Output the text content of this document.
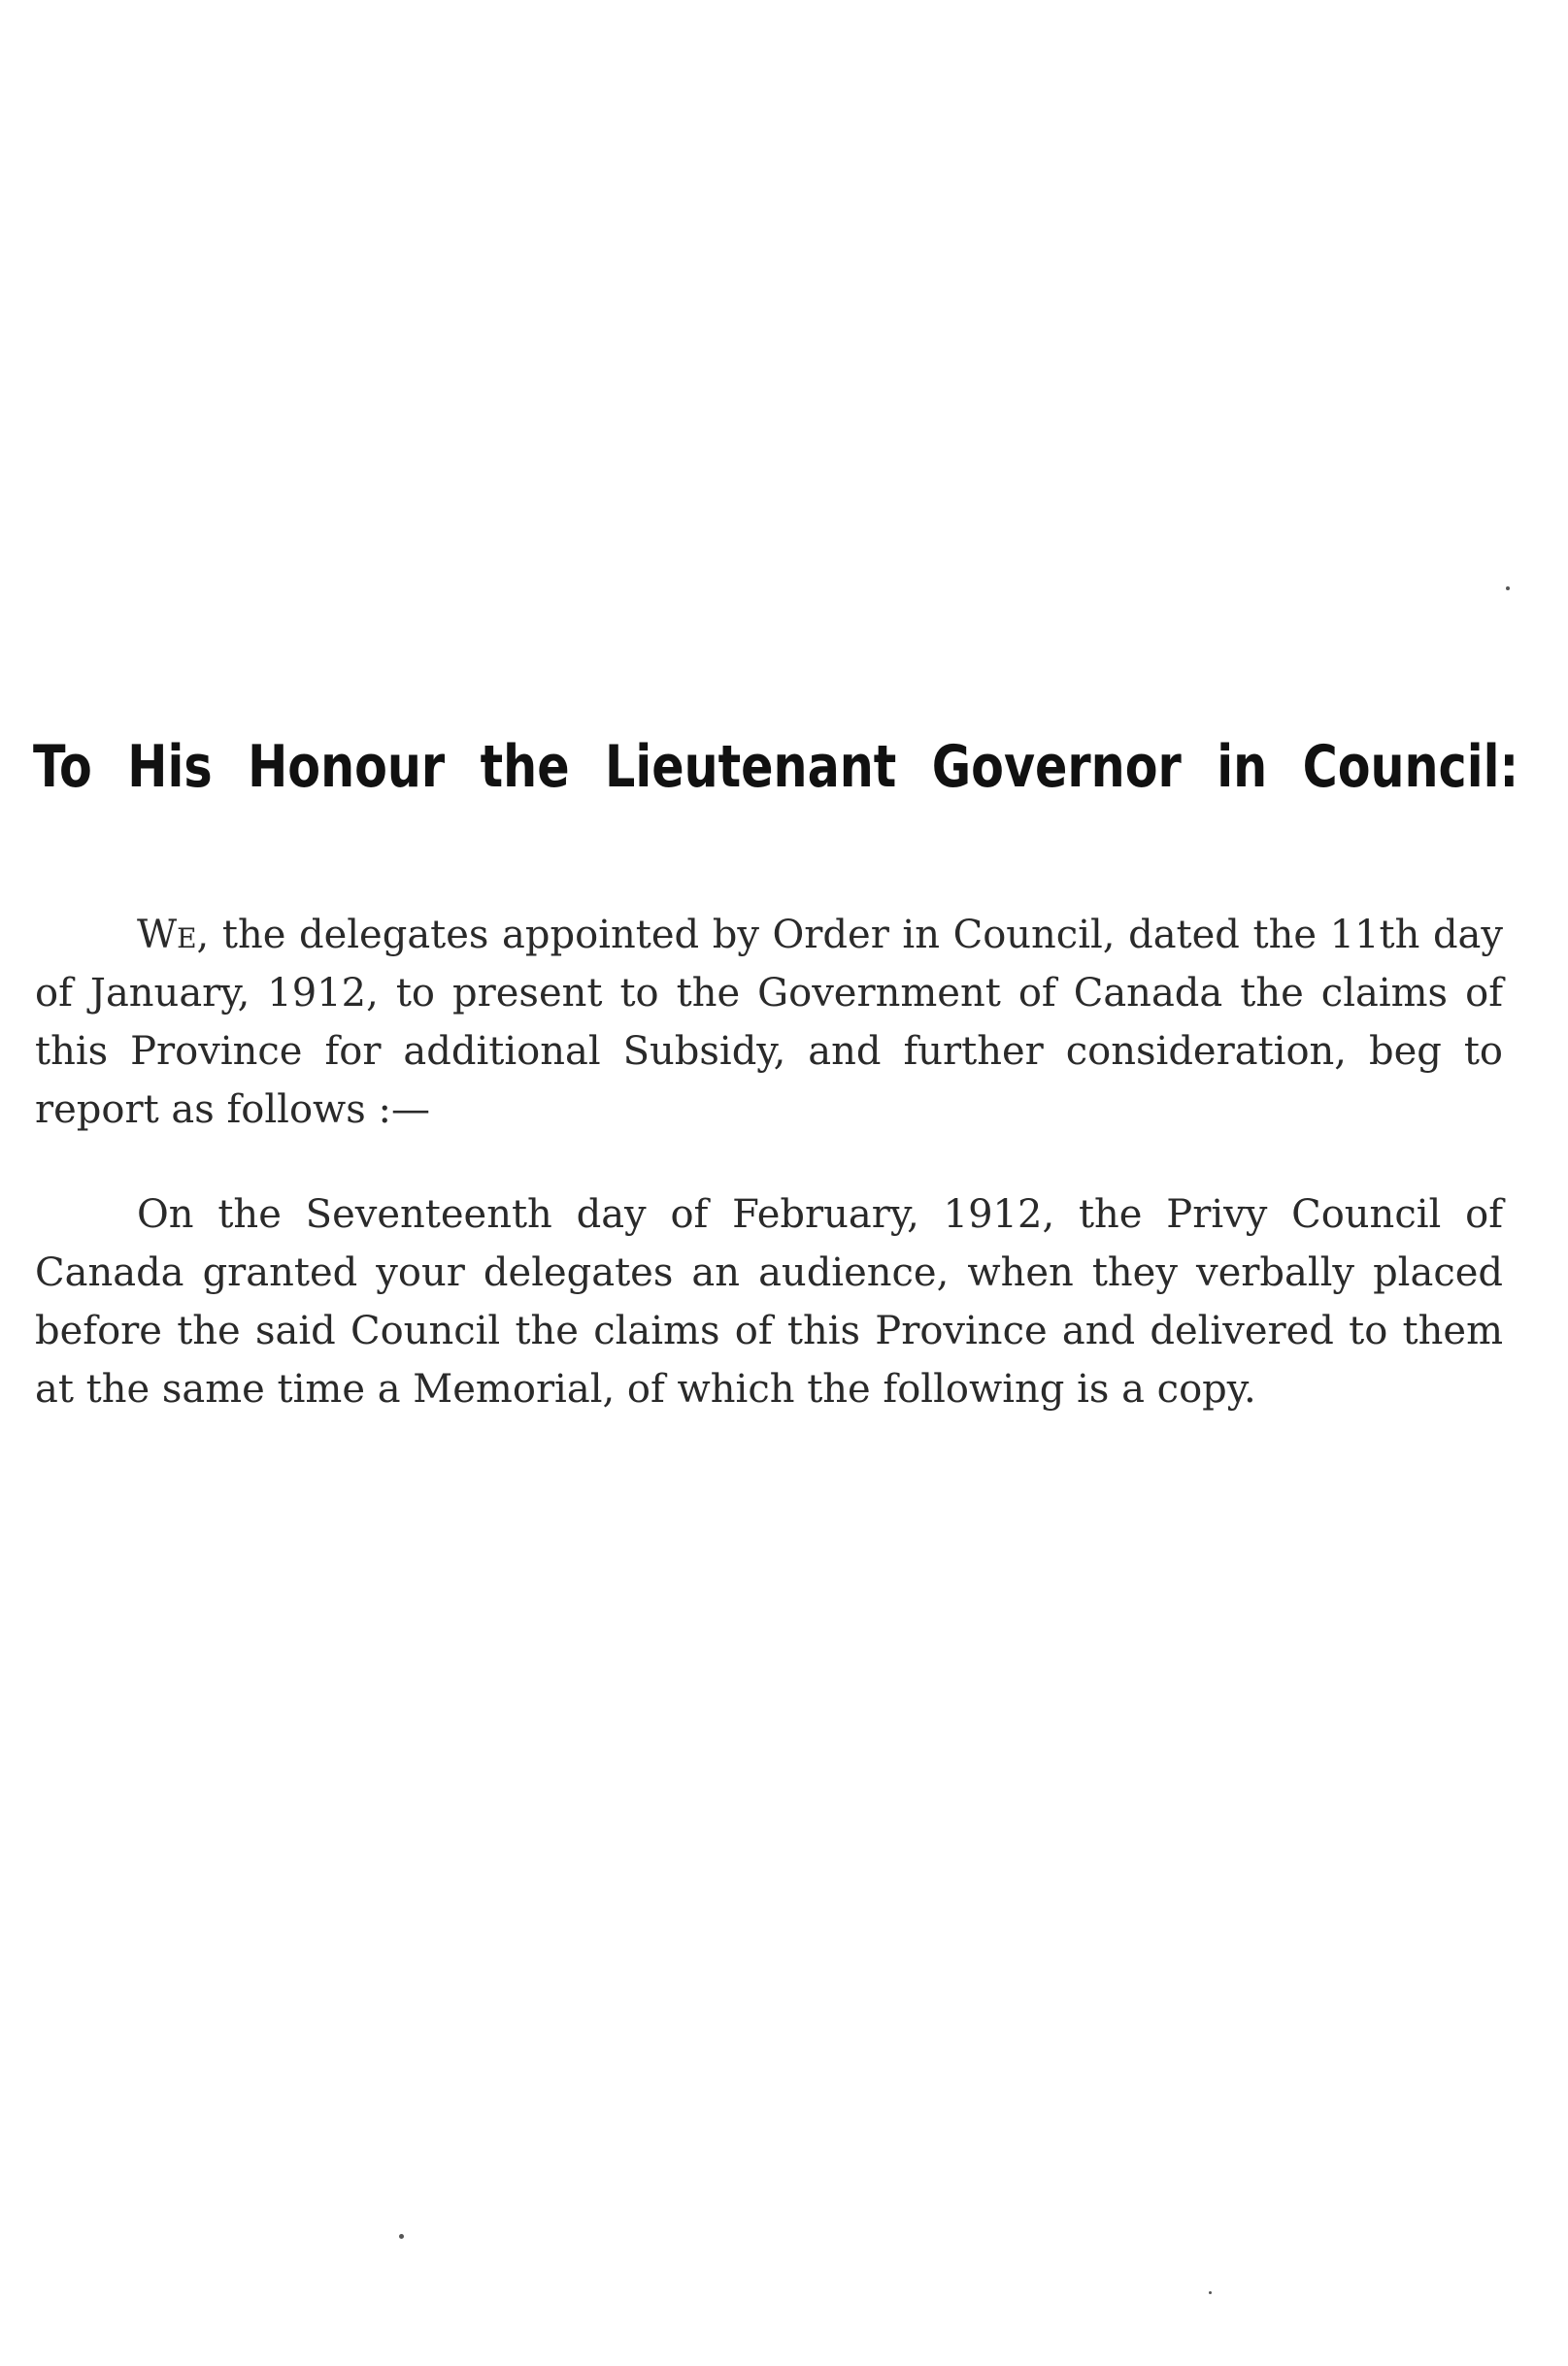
To His Honour the Lieutenant Governor in Council:

We, the delegates appointed by Order in Council, dated the 11th day of January, 1912, to present to the Government of Canada the claims of this Province for additional Subsidy, and further consideration, beg to report as follows :—

On the Seventeenth day of February, 1912, the Privy Council of Canada granted your delegates an audience, when they verbally placed before the said Council the claims of this Province and delivered to them at the same time a Memorial, of which the following is a copy.
